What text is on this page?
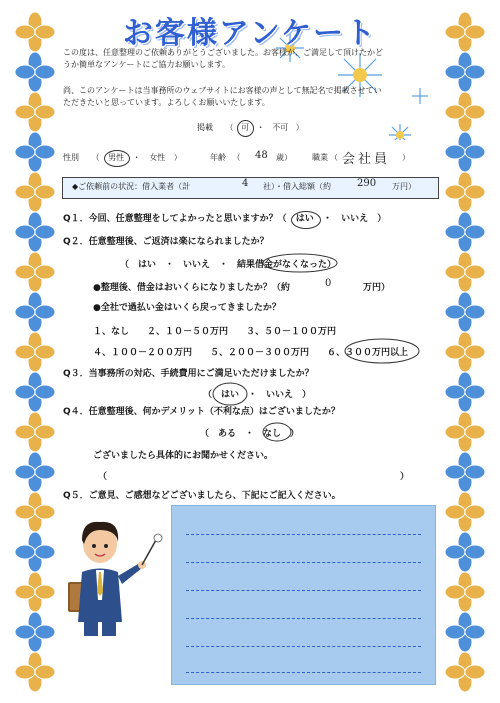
お客様アンケート
この度は、任意整理のご依頼ありがとうございました。お客様が、ご満足して頂けたかど
うか簡単なアンケートにご協力お願いします。
尚、このアンケートは当事務所のウェブサイトにお客様の声として無記名で掲載させてい
ただきたいと思っています。よろしくお願いいたします。
掲載 （ 可 ・ 不可 ）
性別 （ 男性 ・ 女性 ）	年齢 （ 48 歳）	職業 （ 会社員 ）
◆ご依頼前の状況：借入業者（計	4 社）・借入総額（約	290 万円）
Q１．今回、任意整理をしてよかったと思いますか？（ はい ・ いいえ ）
Q２．任意整理後、ご返済は楽になられましたか？
（　はい　・　いいえ　・　結果借金がなくなった）
●整理後、借金はおいくらになりましたか？（約	0	万円）
●全社で過払い金はいくら戻ってきましたか？
１、なし　　２、１０－５０万円　　３、５０－１００万円
４、１００－２００万円　　５、２００－３００万円　　６、３００万円以上
Q３．当事務所の対応、手続費用にご満足いただけましたか？
（　はい　・　いいえ　）
Q４．任意整理後、何かデメリット（不利な点）はございましたか？
（　ある　・　なし　）
ございましたら具体的にお聞かせください。
（	）
Q５．ご意見、ご感想などございましたら、下記にご記入ください。
